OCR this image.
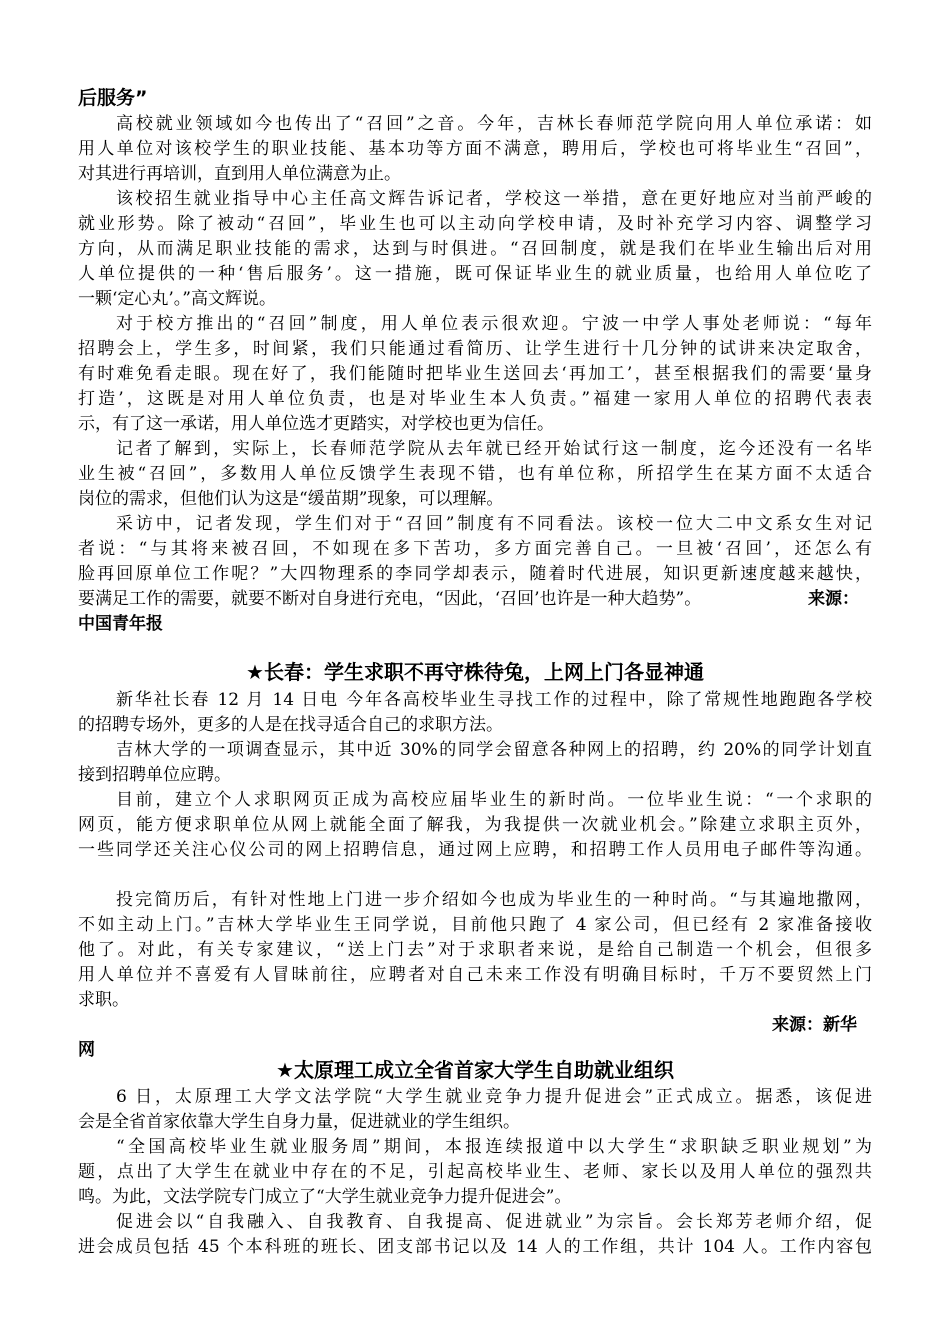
后服务”
高校就业领域如今也传出了“召回”之音。今年，吉林长春师范学院向用人单位承诺：如
用人单位对该校学生的职业技能、基本功等方面不满意，聘用后，学校也可将毕业生“召回”，
对其进行再培训，直到用人单位满意为止。
该校招生就业指导中心主任高文辉告诉记者，学校这一举措，意在更好地应对当前严峻的
就业形势。除了被动“召回”，毕业生也可以主动向学校申请，及时补充学习内容、调整学习
方向，从而满足职业技能的需求，达到与时俱进。“召回制度，就是我们在毕业生输出后对用
人单位提供的一种‘售后服务’。这一措施，既可保证毕业生的就业质量，也给用人单位吃了
一颗‘定心丸’。”高文辉说。
对于校方推出的“召回”制度，用人单位表示很欢迎。宁波一中学人事处老师说：“每年
招聘会上，学生多，时间紧，我们只能通过看简历、让学生进行十几分钟的试讲来决定取舍，
有时难免看走眼。现在好了，我们能随时把毕业生送回去‘再加工’，甚至根据我们的需要‘量身
打造’，这既是对用人单位负责，也是对毕业生本人负责。”福建一家用人单位的招聘代表表
示，有了这一承诺，用人单位选才更踏实，对学校也更为信任。
记者了解到，实际上，长春师范学院从去年就已经开始试行这一制度，迄今还没有一名毕
业生被“召回”，多数用人单位反馈学生表现不错，也有单位称，所招学生在某方面不太适合
岗位的需求，但他们认为这是“缓苗期”现象，可以理解。
采访中，记者发现，学生们对于“召回”制度有不同看法。该校一位大二中文系女生对记
者说：“与其将来被召回，不如现在多下苦功，多方面完善自己。一旦被‘召回’，还怎么有
脸再回原单位工作呢？”大四物理系的李同学却表示，随着时代进展，知识更新速度越来越快，
要满足工作的需要，就要不断对自身进行充电，“因此，‘召回’也许是一种大趋势”。	来源：
中国青年报
★长春：学生求职不再守株待兔，上网上门各显神通
新华社长春 12 月 14 日电 今年各高校毕业生寻找工作的过程中，除了常规性地跑跑各学校
的招聘专场外，更多的人是在找寻适合自己的求职方法。
吉林大学的一项调查显示，其中近 30%的同学会留意各种网上的招聘，约 20%的同学计划直
接到招聘单位应聘。
目前，建立个人求职网页正成为高校应届毕业生的新时尚。一位毕业生说：“一个求职的
网页，能方便求职单位从网上就能全面了解我，为我提供一次就业机会。”除建立求职主页外，
一些同学还关注心仪公司的网上招聘信息，通过网上应聘，和招聘工作人员用电子邮件等沟通。
投完简历后，有针对性地上门进一步介绍如今也成为毕业生的一种时尚。“与其遍地撒网，
不如主动上门。”吉林大学毕业生王同学说，目前他只跑了 4 家公司，但已经有 2 家准备接收
他了。对此，有关专家建议，“送上门去”对于求职者来说，是给自己制造一个机会，但很多
用人单位并不喜爱有人冒昧前往，应聘者对自己未来工作没有明确目标时，千万不要贸然上门
求职。
来源：新华
网
★太原理工成立全省首家大学生自助就业组织
6 日，太原理工大学文法学院“大学生就业竞争力提升促进会”正式成立。据悉，该促进
会是全省首家依靠大学生自身力量，促进就业的学生组织。
“全国高校毕业生就业服务周”期间，本报连续报道中以大学生“求职缺乏职业规划”为
题，点出了大学生在就业中存在的不足，引起高校毕业生、老师、家长以及用人单位的强烈共
鸣。为此，文法学院专门成立了“大学生就业竞争力提升促进会”。
促进会以“自我融入、自我教育、自我提高、促进就业”为宗旨。会长郑芳老师介绍，促
进会成员包括 45 个本科班的班长、团支部书记以及 14 人的工作组，共计 104 人。工作内容包
